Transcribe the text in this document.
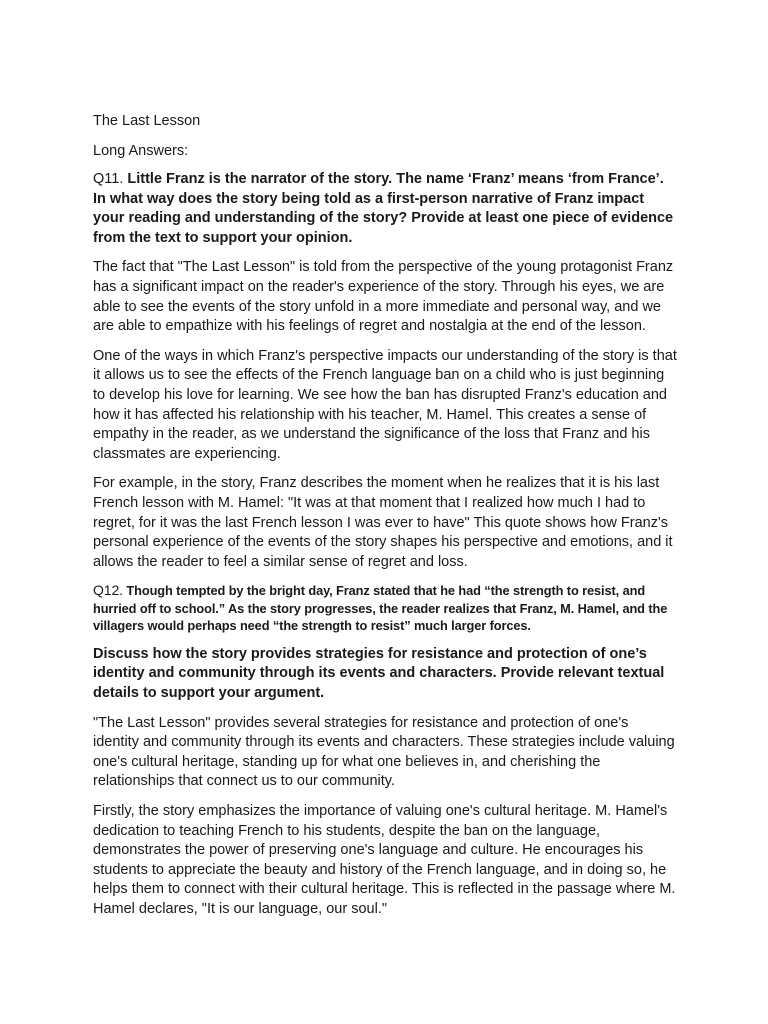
The Last Lesson
Long Answers:

Q11. Little Franz is the narrator of the story. The name ‘Franz’ means ‘from France’. In what way does the story being told as a first-person narrative of Franz impact your reading and understanding of the story? Provide at least one piece of evidence from the text to support your opinion.

The fact that "The Last Lesson" is told from the perspective of the young protagonist Franz has a significant impact on the reader's experience of the story. Through his eyes, we are able to see the events of the story unfold in a more immediate and personal way, and we are able to empathize with his feelings of regret and nostalgia at the end of the lesson.

One of the ways in which Franz's perspective impacts our understanding of the story is that it allows us to see the effects of the French language ban on a child who is just beginning to develop his love for learning. We see how the ban has disrupted Franz's education and how it has affected his relationship with his teacher, M. Hamel. This creates a sense of empathy in the reader, as we understand the significance of the loss that Franz and his classmates are experiencing.

For example, in the story, Franz describes the moment when he realizes that it is his last French lesson with M. Hamel: "It was at that moment that I realized how much I had to regret, for it was the last French lesson I was ever to have" This quote shows how Franz's personal experience of the events of the story shapes his perspective and emotions, and it allows the reader to feel a similar sense of regret and loss.

Q12. Though tempted by the bright day, Franz stated that he had “the strength to resist, and hurried off to school.” As the story progresses, the reader realizes that Franz, M. Hamel, and the villagers would perhaps need “the strength to resist” much larger forces.

Discuss how the story provides strategies for resistance and protection of one’s identity and community through its events and characters. Provide relevant textual details to support your argument.

"The Last Lesson" provides several strategies for resistance and protection of one's identity and community through its events and characters. These strategies include valuing one's cultural heritage, standing up for what one believes in, and cherishing the relationships that connect us to our community.

Firstly, the story emphasizes the importance of valuing one's cultural heritage. M. Hamel's dedication to teaching French to his students, despite the ban on the language, demonstrates the power of preserving one's language and culture. He encourages his students to appreciate the beauty and history of the French language, and in doing so, he helps them to connect with their cultural heritage. This is reflected in the passage where M. Hamel declares, "It is our language, our soul."
